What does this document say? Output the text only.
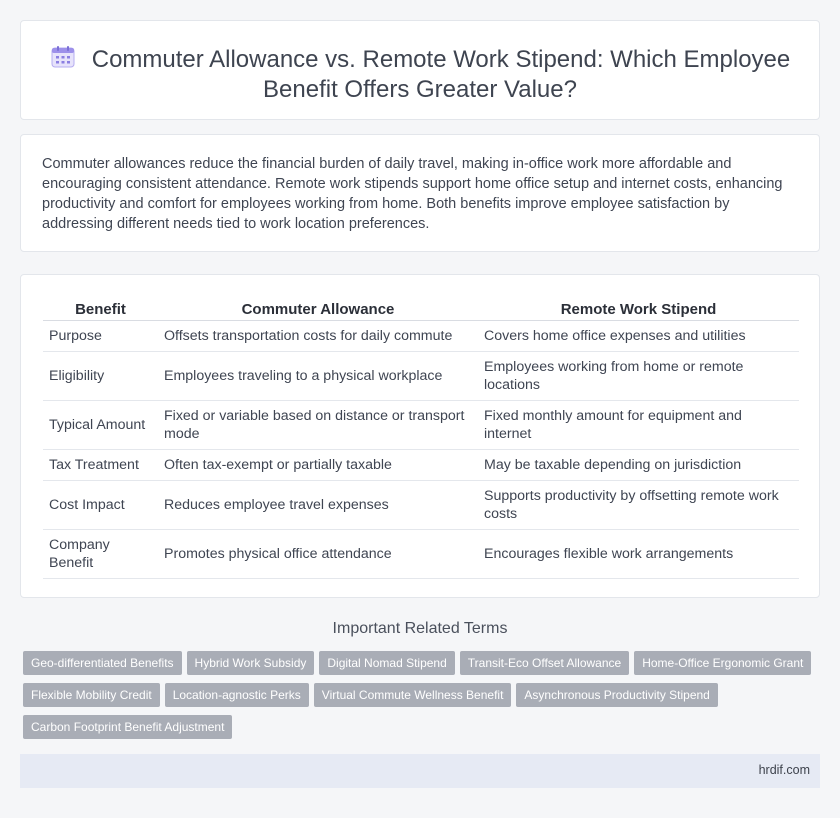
Commuter Allowance vs. Remote Work Stipend: Which Employee Benefit Offers Greater Value?

Commuter allowances reduce the financial burden of daily travel, making in-office work more affordable and encouraging consistent attendance. Remote work stipends support home office setup and internet costs, enhancing productivity and comfort for employees working from home. Both benefits improve employee satisfaction by addressing different needs tied to work location preferences.

Benefit	Commuter Allowance	Remote Work Stipend
Purpose	Offsets transportation costs for daily commute	Covers home office expenses and utilities
Eligibility	Employees traveling to a physical workplace	Employees working from home or remote locations
Typical Amount	Fixed or variable based on distance or transport mode	Fixed monthly amount for equipment and internet
Tax Treatment	Often tax-exempt or partially taxable	May be taxable depending on jurisdiction
Cost Impact	Reduces employee travel expenses	Supports productivity by offsetting remote work costs
Company Benefit	Promotes physical office attendance	Encourages flexible work arrangements
Important Related Terms
Geo-differentiated Benefits	Hybrid Work Subsidy	Digital Nomad Stipend	Transit-Eco Offset Allowance	Home-Office Ergonomic Grant
Flexible Mobility Credit	Location-agnostic Perks	Virtual Commute Wellness Benefit	Asynchronous Productivity Stipend
Carbon Footprint Benefit Adjustment
hrdif.com
